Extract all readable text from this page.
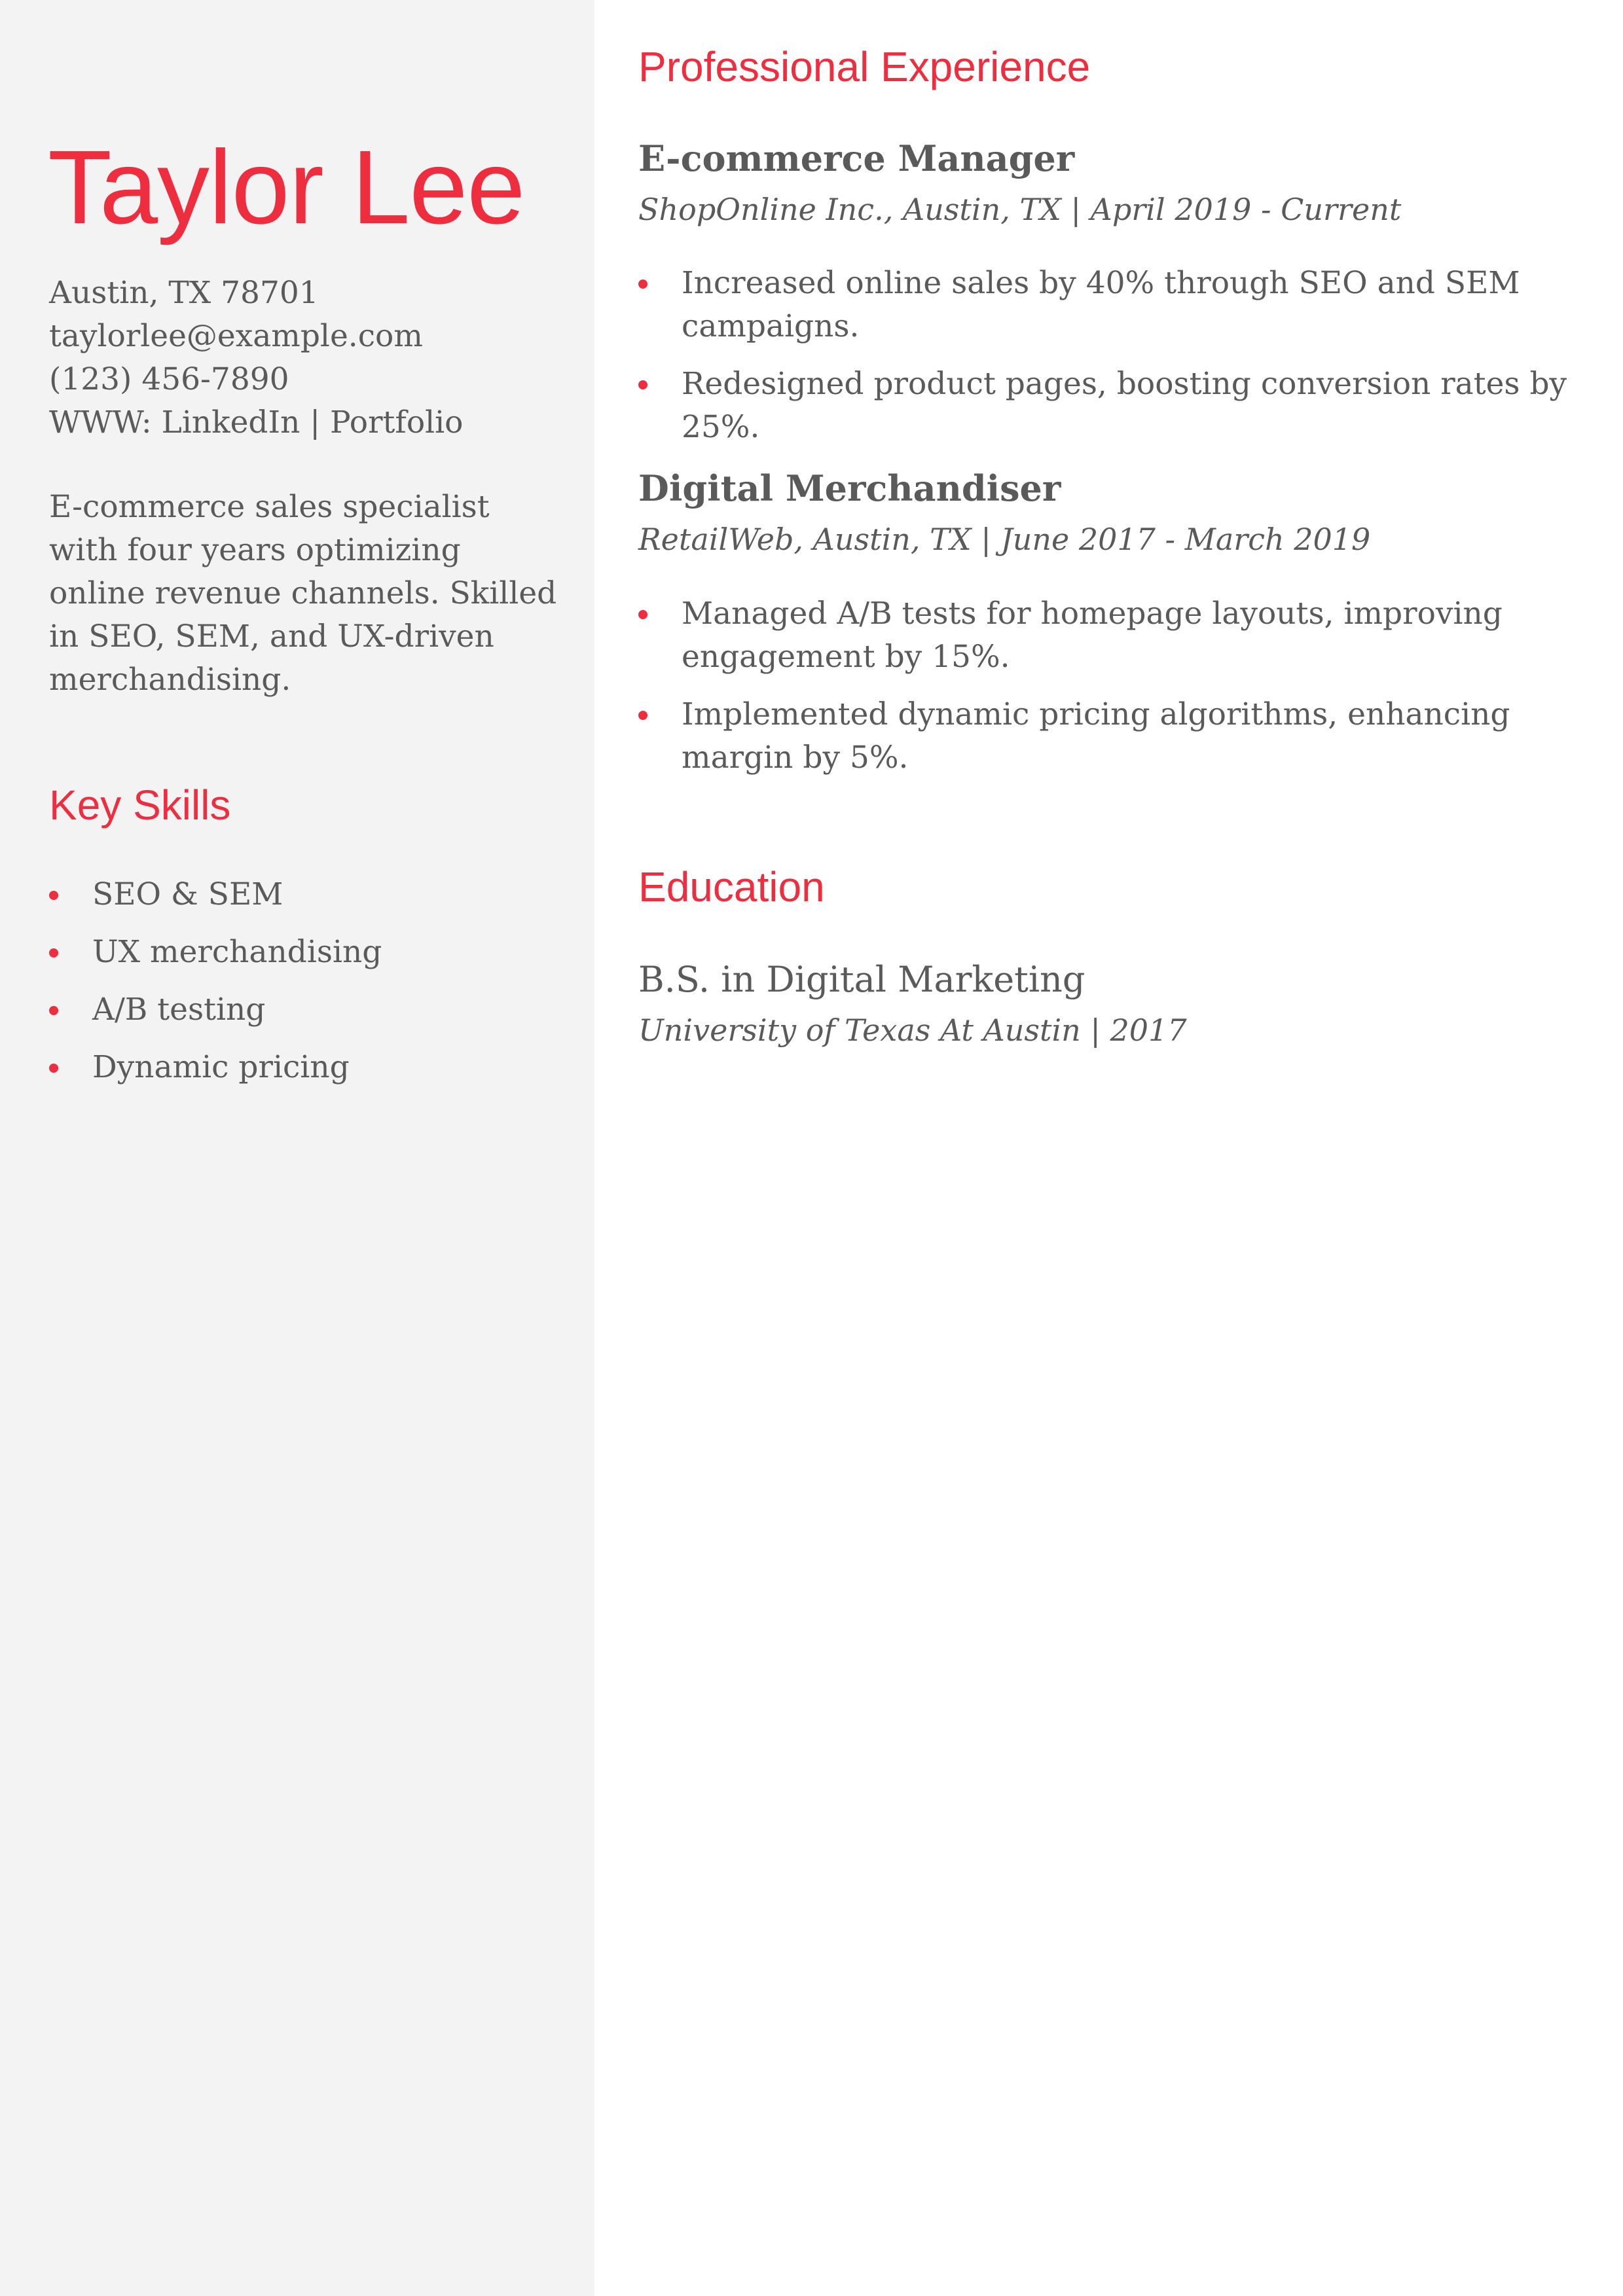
Taylor Lee
Austin, TX 78701
taylorlee@example.com
(123) 456-7890
WWW: LinkedIn | Portfolio

E-commerce sales specialist with four years optimizing online revenue channels. Skilled in SEO, SEM, and UX-driven merchandising.

Key Skills
SEO & SEM
UX merchandising
A/B testing
Dynamic pricing
Professional Experience
E-commerce Manager
ShopOnline Inc., Austin, TX | April 2019 - Current
Increased online sales by 40% through SEO and SEM campaigns.
Redesigned product pages, boosting conversion rates by 25%.
Digital Merchandiser
RetailWeb, Austin, TX | June 2017 - March 2019
Managed A/B tests for homepage layouts, improving engagement by 15%.
Implemented dynamic pricing algorithms, enhancing margin by 5%.
Education
B.S. in Digital Marketing
University of Texas At Austin | 2017
